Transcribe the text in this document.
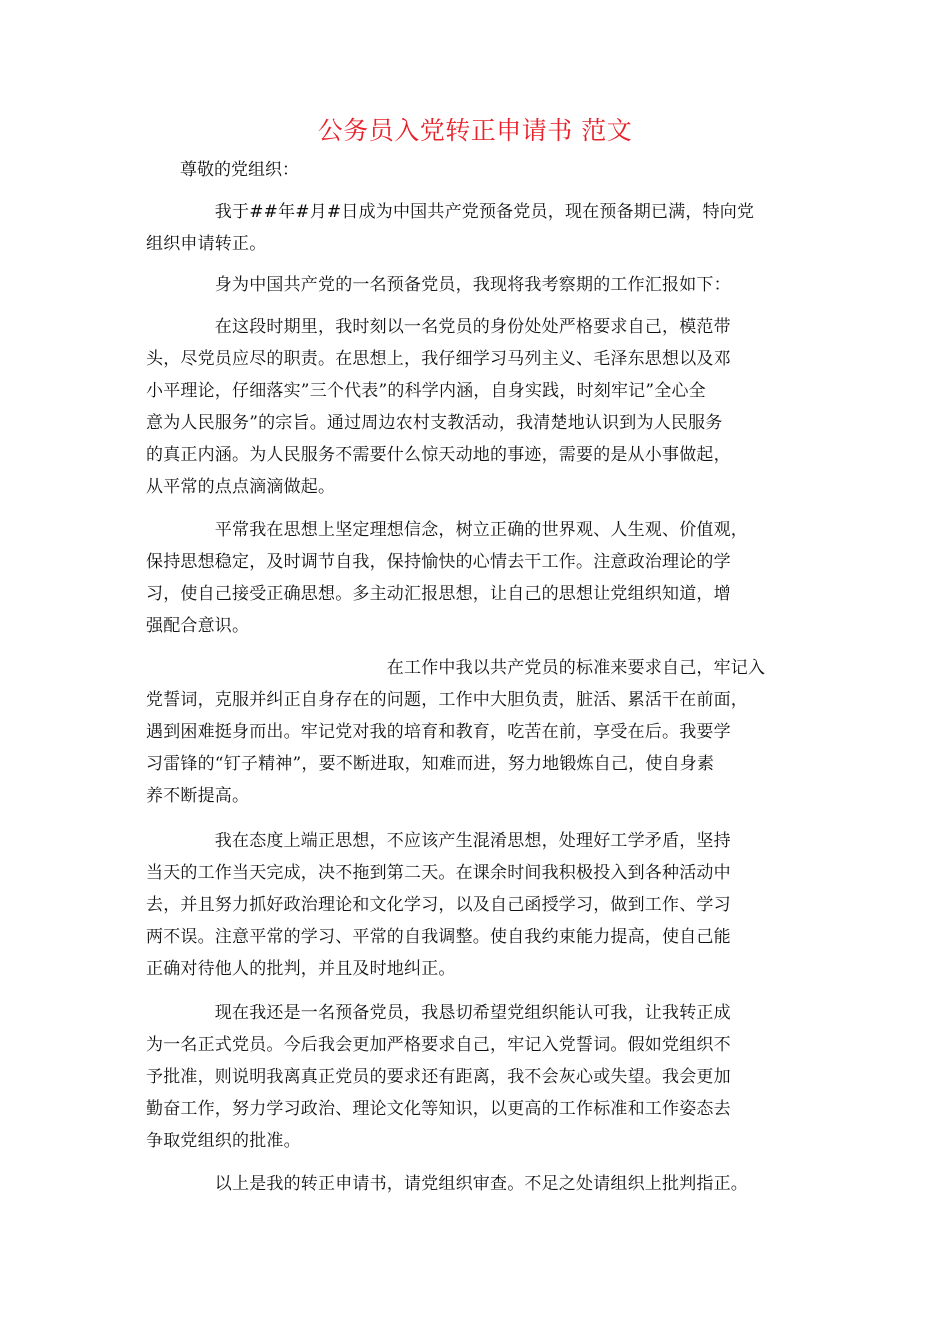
公务员入党转正申请书 范文

尊敬的党组织：

　　　　我于##年#月#日成为中国共产党预备党员，现在预备期已满，特向党
组织申请转正。

　　　　身为中国共产党的一名预备党员，我现将我考察期的工作汇报如下：

　　　　在这段时期里，我时刻以一名党员的身份处处严格要求自己，模范带
头，尽党员应尽的职责。在思想上，我仔细学习马列主义、毛泽东思想以及邓
小平理论，仔细落实”三个代表”的科学内涵，自身实践，时刻牢记”全心全
意为人民服务”的宗旨。通过周边农村支教活动，我清楚地认识到为人民服务
的真正内涵。为人民服务不需要什么惊天动地的事迹，需要的是从小事做起，
从平常的点点滴滴做起。

　　　　平常我在思想上坚定理想信念，树立正确的世界观、人生观、价值观，
保持思想稳定，及时调节自我，保持愉快的心情去干工作。注意政治理论的学
习，使自己接受正确思想。多主动汇报思想，让自己的思想让党组织知道，增
强配合意识。

　　　　　　　　　　　　　　在工作中我以共产党员的标准来要求自己，牢记入
党誓词，克服并纠正自身存在的问题，工作中大胆负责，脏活、累活干在前面，
遇到困难挺身而出。牢记党对我的培育和教育，吃苦在前，享受在后。我要学
习雷锋的“钉子精神”，要不断进取，知难而进，努力地锻炼自己，使自身素
养不断提高。

　　　　我在态度上端正思想，不应该产生混淆思想，处理好工学矛盾，坚持
当天的工作当天完成，决不拖到第二天。在课余时间我积极投入到各种活动中
去，并且努力抓好政治理论和文化学习，以及自己函授学习，做到工作、学习
两不误。注意平常的学习、平常的自我调整。使自我约束能力提高，使自己能
正确对待他人的批判，并且及时地纠正。

　　　　现在我还是一名预备党员，我恳切希望党组织能认可我，让我转正成
为一名正式党员。今后我会更加严格要求自己，牢记入党誓词。假如党组织不
予批准，则说明我离真正党员的要求还有距离，我不会灰心或失望。我会更加
勤奋工作，努力学习政治、理论文化等知识，以更高的工作标准和工作姿态去
争取党组织的批准。

　　　　以上是我的转正申请书，请党组织审查。不足之处请组织上批判指正。
